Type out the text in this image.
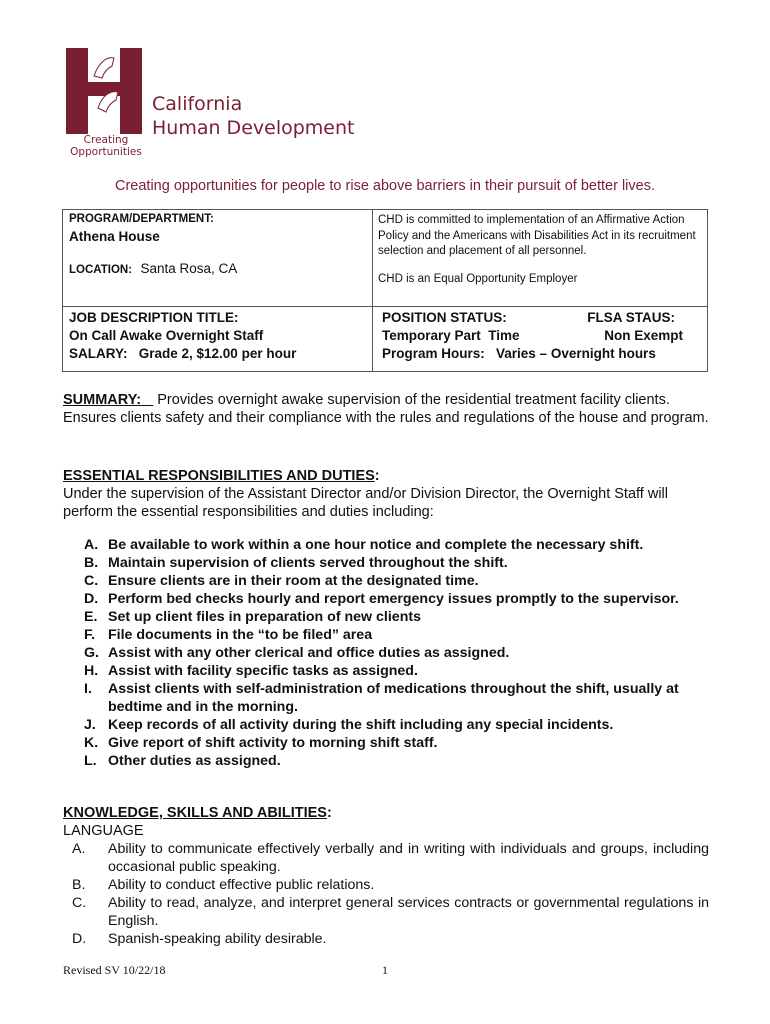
California
Human Development
Creating
Opportunities
Creating opportunities for people to rise above barriers in their pursuit of better lives.
PROGRAM/DEPARTMENT:
Athena House
LOCATION: Santa Rosa, CA
CHD is committed to implementation of an Affirmative Action Policy and the Americans with Disabilities Act in its recruitment selection and placement of all personnel.
CHD is an Equal Opportunity Employer
JOB DESCRIPTION TITLE:
On Call Awake Overnight Staff
SALARY:   Grade 2, $12.00 per hour
POSITION STATUS:
Temporary Part  Time
FLSA STAUS:
Non Exempt
Program Hours:   Varies – Overnight hours
SUMMARY: Provides overnight awake supervision of the residential treatment facility clients. Ensures clients safety and their compliance with the rules and regulations of the house and program.
ESSENTIAL RESPONSIBILITIES AND DUTIES:
Under the supervision of the Assistant Director and/or Division Director, the Overnight Staff will perform the essential responsibilities and duties including:
A. Be available to work within a one hour notice and complete the necessary shift.
B. Maintain supervision of clients served throughout the shift.
C. Ensure clients are in their room at the designated time.
D. Perform bed checks hourly and report emergency issues promptly to the supervisor.
E. Set up client files in preparation of new clients
F. File documents in the “to be filed” area
G. Assist with any other clerical and office duties as assigned.
H. Assist with facility specific tasks as assigned.
I. Assist clients with self-administration of medications throughout the shift, usually at bedtime and in the morning.
J. Keep records of all activity during the shift including any special incidents.
K. Give report of shift activity to morning shift staff.
L. Other duties as assigned.
KNOWLEDGE, SKILLS AND ABILITIES:
LANGUAGE
A. Ability to communicate effectively verbally and in writing with individuals and groups, including occasional public speaking.
B. Ability to conduct effective public relations.
C. Ability to read, analyze, and interpret general services contracts or governmental regulations in English.
D. Spanish-speaking ability desirable.
Revised SV 10/22/18	1
